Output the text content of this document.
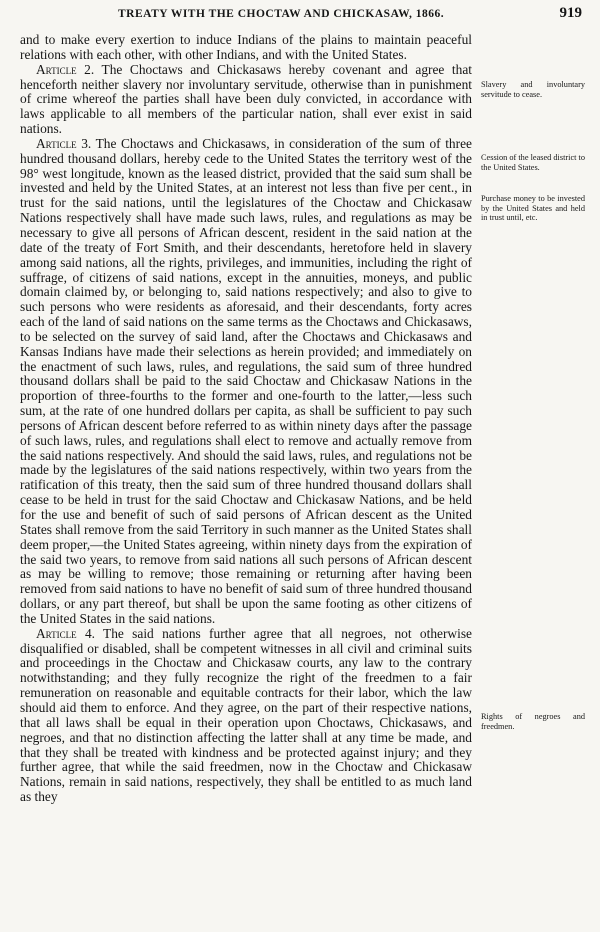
TREATY WITH THE CHOCTAW AND CHICKASAW, 1866.	919

and to make every exertion to induce Indians of the plains to maintain peaceful relations with each other, with other Indians, and with the United States.

Article 2. The Choctaws and Chickasaws hereby covenant and agree that henceforth neither slavery nor involuntary servitude, otherwise than in punishment of crime whereof the parties shall have been duly convicted, in accordance with laws applicable to all members of the particular nation, shall ever exist in said nations.

Article 3. The Choctaws and Chickasaws, in consideration of the sum of three hundred thousand dollars, hereby cede to the United States the territory west of the 98° west longitude, known as the leased district, provided that the said sum shall be invested and held by the United States, at an interest not less than five per cent., in trust for the said nations, until the legislatures of the Choctaw and Chickasaw Nations respectively shall have made such laws, rules, and regulations as may be necessary to give all persons of African descent, resident in the said nation at the date of the treaty of Fort Smith, and their descendants, heretofore held in slavery among said nations, all the rights, privileges, and immunities, including the right of suffrage, of citizens of said nations, except in the annuities, moneys, and public domain claimed by, or belonging to, said nations respectively; and also to give to such persons who were residents as aforesaid, and their descendants, forty acres each of the land of said nations on the same terms as the Choctaws and Chickasaws, to be selected on the survey of said land, after the Choctaws and Chickasaws and Kansas Indians have made their selections as herein provided; and immediately on the enactment of such laws, rules, and regulations, the said sum of three hundred thousand dollars shall be paid to the said Choctaw and Chickasaw Nations in the proportion of three-fourths to the former and one-fourth to the latter,—less such sum, at the rate of one hundred dollars per capita, as shall be sufficient to pay such persons of African descent before referred to as within ninety days after the passage of such laws, rules, and regulations shall elect to remove and actually remove from the said nations respectively. And should the said laws, rules, and regulations not be made by the legislatures of the said nations respectively, within two years from the ratification of this treaty, then the said sum of three hundred thousand dollars shall cease to be held in trust for the said Choctaw and Chickasaw Nations, and be held for the use and benefit of such of said persons of African descent as the United States shall remove from the said Territory in such manner as the United States shall deem proper,—the United States agreeing, within ninety days from the expiration of the said two years, to remove from said nations all such persons of African descent as may be willing to remove; those remaining or returning after having been removed from said nations to have no benefit of said sum of three hundred thousand dollars, or any part thereof, but shall be upon the same footing as other citizens of the United States in the said nations.

Article 4. The said nations further agree that all negroes, not otherwise disqualified or disabled, shall be competent witnesses in all civil and criminal suits and proceedings in the Choctaw and Chickasaw courts, any law to the contrary notwithstanding; and they fully recognize the right of the freedmen to a fair remuneration on reasonable and equitable contracts for their labor, which the law should aid them to enforce. And they agree, on the part of their respective nations, that all laws shall be equal in their operation upon Choctaws, Chickasaws, and negroes, and that no distinction affecting the latter shall at any time be made, and that they shall be treated with kindness and be protected against injury; and they further agree, that while the said freedmen, now in the Choctaw and Chickasaw Nations, remain in said nations, respectively, they shall be entitled to as much land as they

Slavery and involuntary servitude to cease.
Cession of the leased district to the United States.
Purchase money to be invested by the United States and held in trust until, etc.
Rights of negroes and freedmen.
